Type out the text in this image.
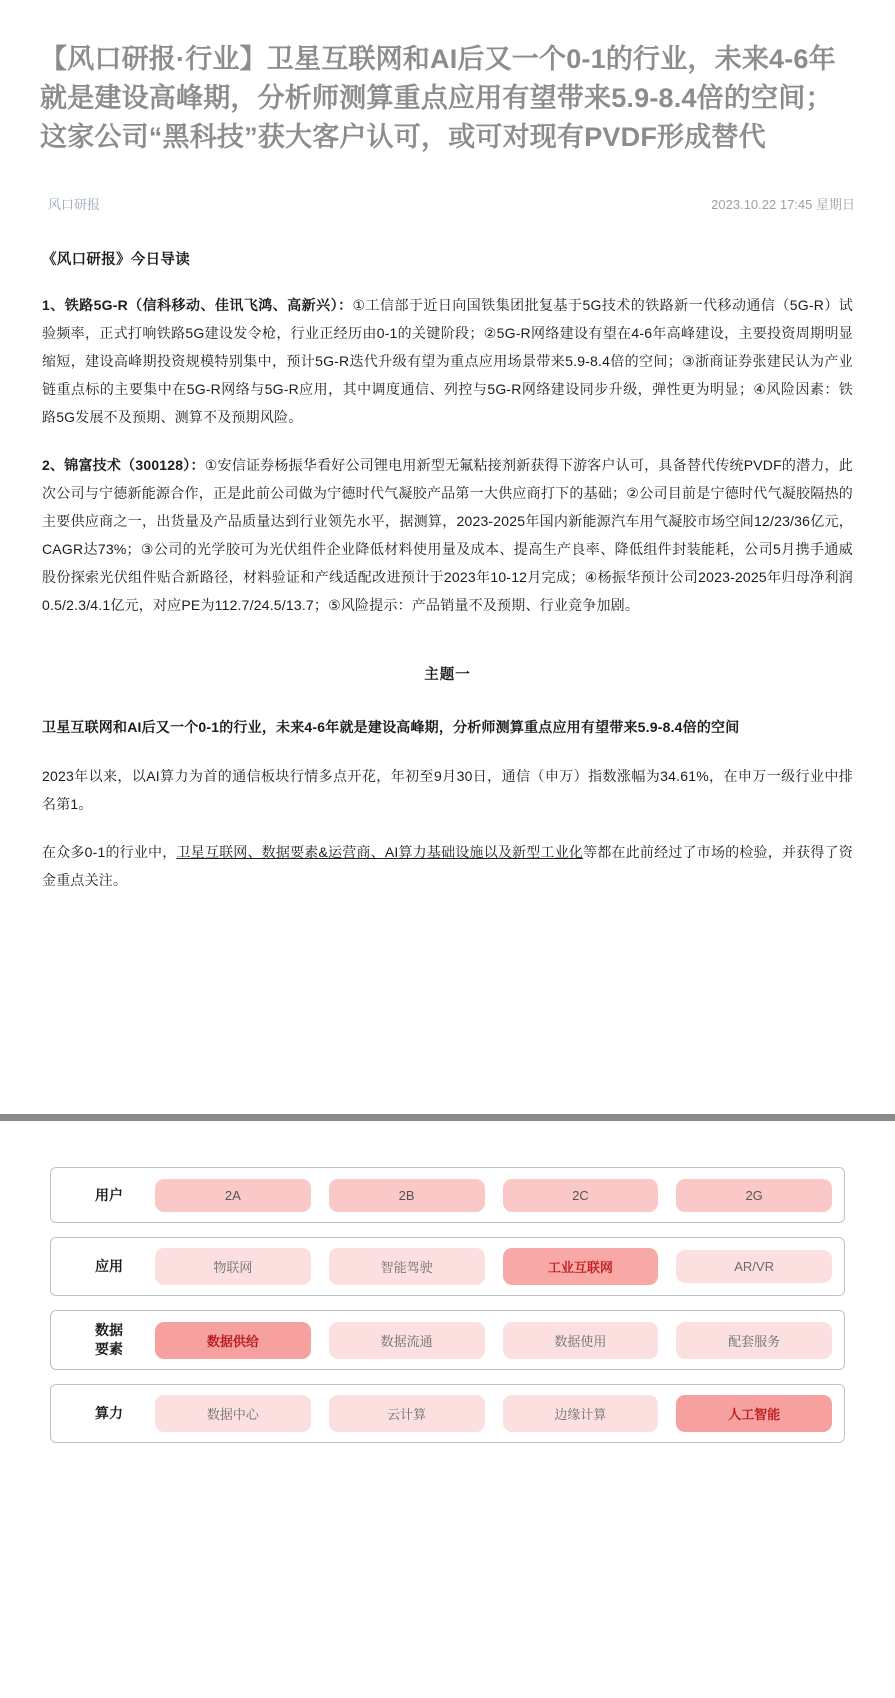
【风口研报·行业】卫星互联网和AI后又一个0-1的行业，未来4-6年就是建设高峰期，分析师测算重点应用有望带来5.9-8.4倍的空间；这家公司“黑科技”获大客户认可，或可对现有PVDF形成替代
风口研报	2023.10.22 17:45 星期日
《风口研报》今日导读

1、铁路5G-R（信科移动、佳讯飞鸿、高新兴）：①工信部于近日向国铁集团批复基于5G技术的铁路新一代移动通信（5G-R）试验频率，正式打响铁路5G建设发令枪，行业正经历由0-1的关键阶段；②5G-R网络建设有望在4-6年高峰建设，主要投资周期明显缩短，建设高峰期投资规模特别集中，预计5G-R迭代升级有望为重点应用场景带来5.9-8.4倍的空间；③浙商证券张建民认为产业链重点标的主要集中在5G-R网络与5G-R应用，其中调度通信、列控与5G-R网络建设同步升级，弹性更为明显；④风险因素：铁路5G发展不及预期、测算不及预期风险。

2、锦富技术（300128）：①安信证券杨振华看好公司锂电用新型无氟粘接剂新获得下游客户认可，具备替代传统PVDF的潜力，此次公司与宁德新能源合作，正是此前公司做为宁德时代气凝胶产品第一大供应商打下的基础；②公司目前是宁德时代气凝胶隔热的主要供应商之一，出货量及产品质量达到行业领先水平，据测算，2023-2025年国内新能源汽车用气凝胶市场空间12/23/36亿元，CAGR达73%；③公司的光学胶可为光伏组件企业降低材料使用量及成本、提高生产良率、降低组件封装能耗，公司5月携手通威股份探索光伏组件贴合新路径，材料验证和产线适配改进预计于2023年10-12月完成；④杨振华预计公司2023-2025年归母净利润0.5/2.3/4.1亿元，对应PE为112.7/24.5/13.7；⑤风险提示：产品销量不及预期、行业竞争加剧。

主题一
卫星互联网和AI后又一个0-1的行业，未来4-6年就是建设高峰期，分析师测算重点应用有望带来5.9-8.4倍的空间

2023年以来，以AI算力为首的通信板块行情多点开花，年初至9月30日，通信（申万）指数涨幅为34.61%，在申万一级行业中排名第1。

在众多0-1的行业中，卫星互联网、数据要素&运营商、AI算力基础设施以及新型工业化等都在此前经过了市场的检验，并获得了资金重点关注。

用户	2A	2B	2C	2G
应用	物联网	智能驾驶	工业互联网	AR/VR
数据
要素	数据供给	数据流通	数据使用	配套服务
算力	数据中心	云计算	边缘计算	人工智能
